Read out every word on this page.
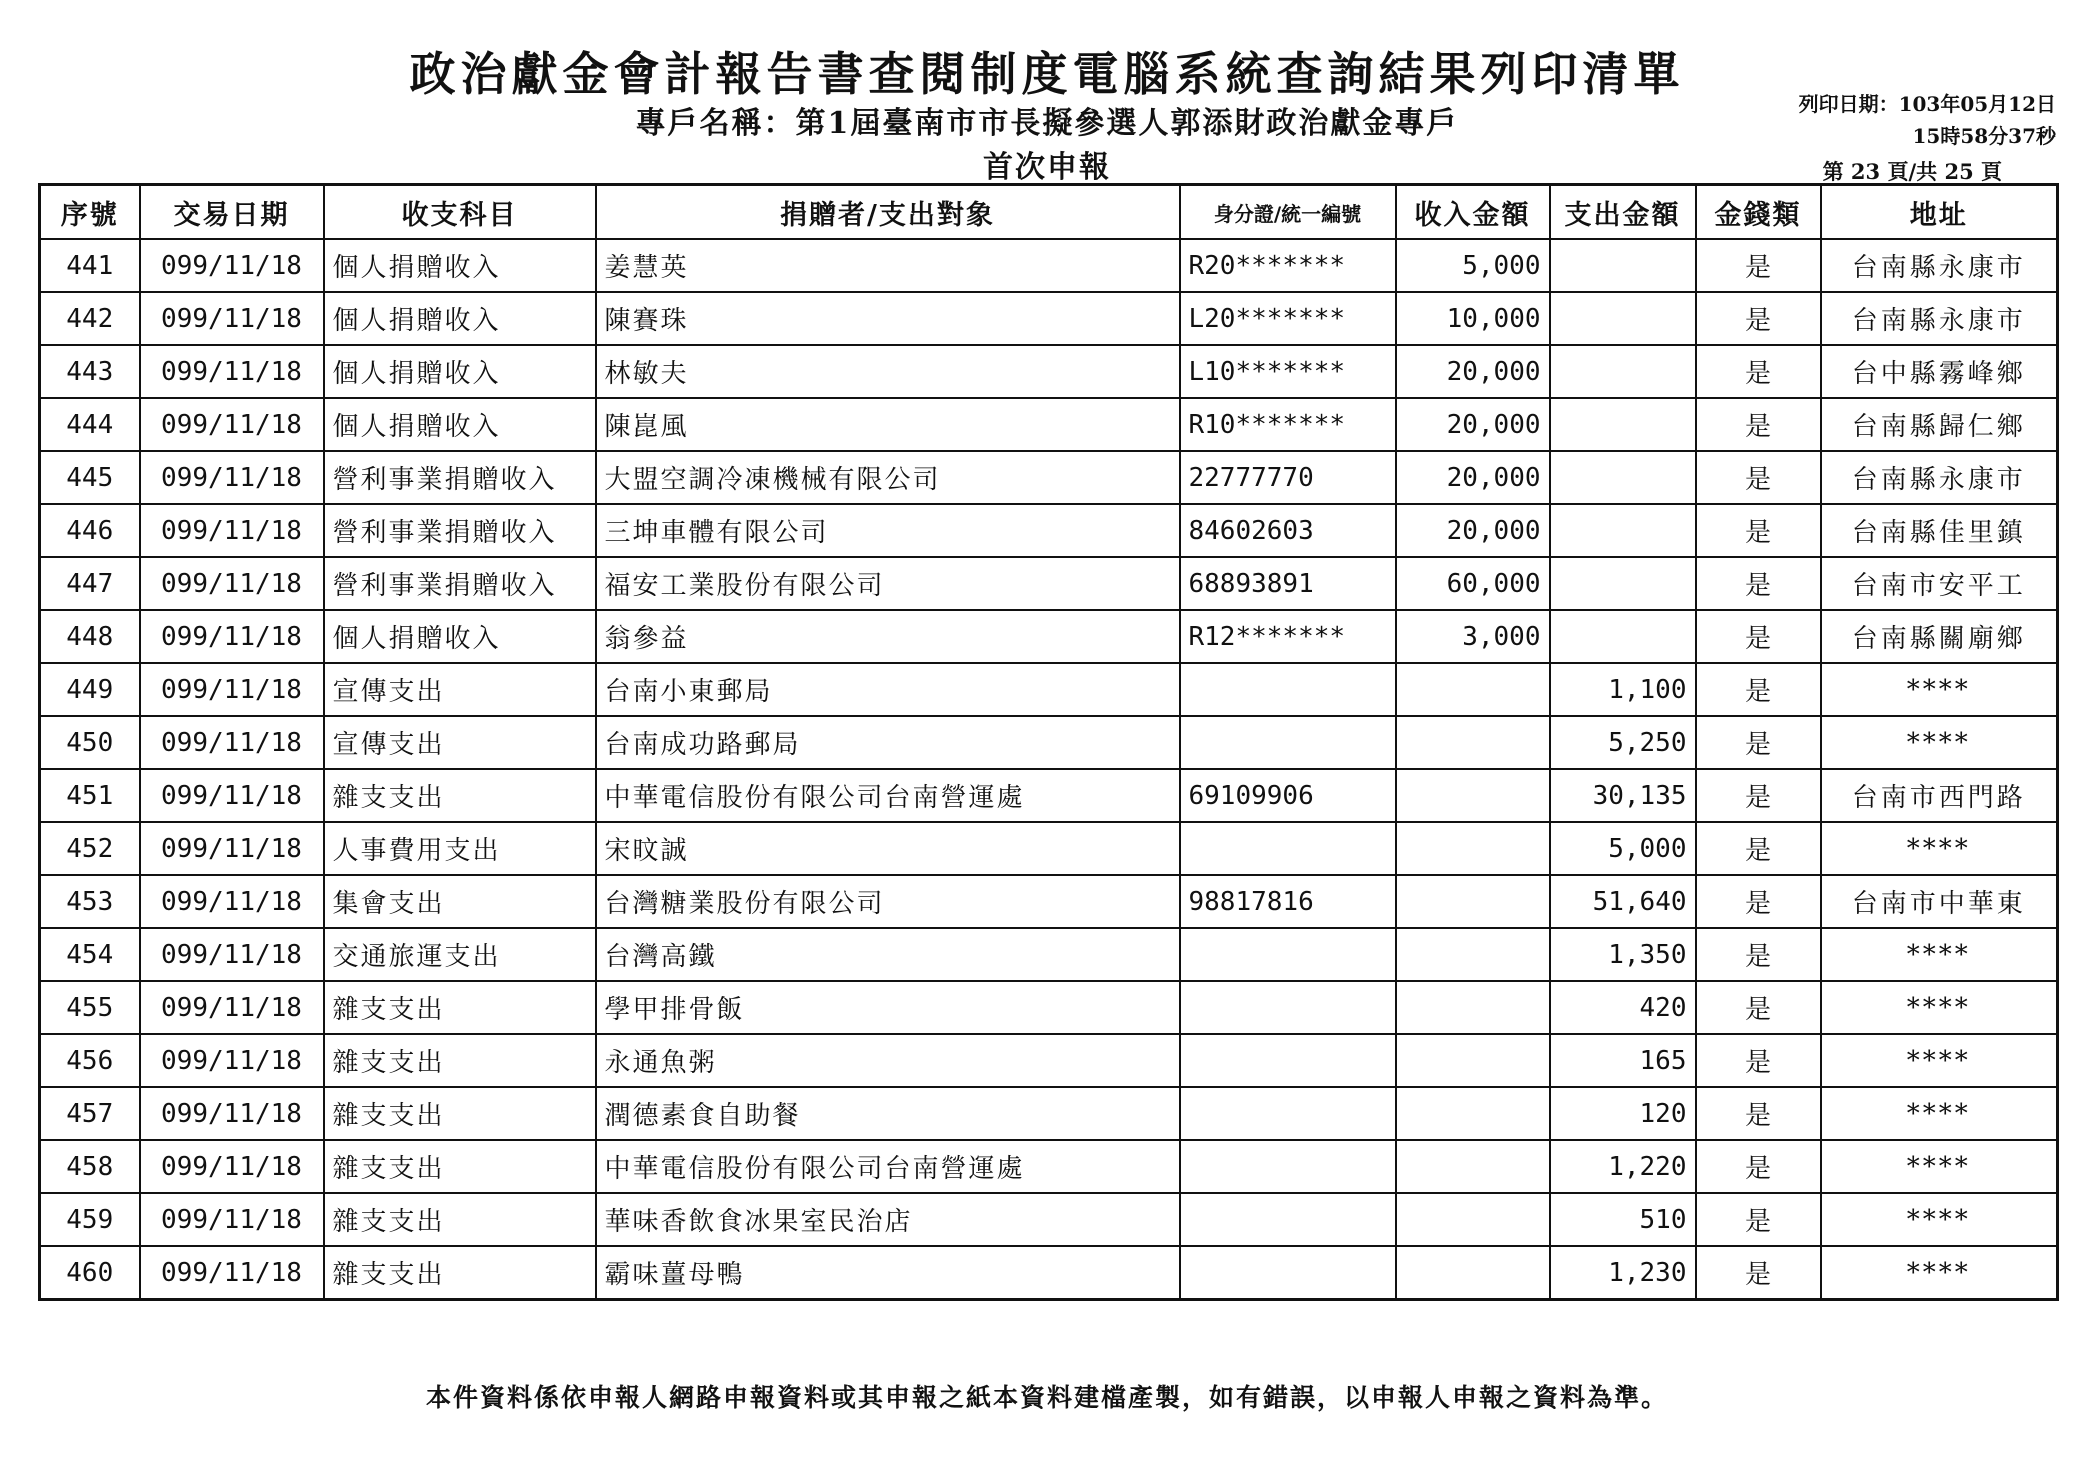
政治獻金會計報告書查閱制度電腦系統查詢結果列印清單
專戶名稱：第1屆臺南市市長擬參選人郭添財政治獻金專戶
首次申報
列印日期：103年05月12日
15時58分37秒
第 23 頁/共 25 頁
序號	交易日期	收支科目	捐贈者/支出對象	身分證/統一編號	收入金額	支出金額	金錢類	地址
441	099/11/18	個人捐贈收入	姜慧英	R20*******	5,000		是	台南縣永康市
442	099/11/18	個人捐贈收入	陳賽珠	L20*******	10,000		是	台南縣永康市
443	099/11/18	個人捐贈收入	林敏夫	L10*******	20,000		是	台中縣霧峰鄉
444	099/11/18	個人捐贈收入	陳崑風	R10*******	20,000		是	台南縣歸仁鄉
445	099/11/18	營利事業捐贈收入	大盟空調冷凍機械有限公司	22777770	20,000		是	台南縣永康市
446	099/11/18	營利事業捐贈收入	三坤車體有限公司	84602603	20,000		是	台南縣佳里鎮
447	099/11/18	營利事業捐贈收入	福安工業股份有限公司	68893891	60,000		是	台南市安平工
448	099/11/18	個人捐贈收入	翁參益	R12*******	3,000		是	台南縣關廟鄉
449	099/11/18	宣傳支出	台南小東郵局			1,100	是	****
450	099/11/18	宣傳支出	台南成功路郵局			5,250	是	****
451	099/11/18	雜支支出	中華電信股份有限公司台南營運處	69109906		30,135	是	台南市西門路
452	099/11/18	人事費用支出	宋旼誠			5,000	是	****
453	099/11/18	集會支出	台灣糖業股份有限公司	98817816		51,640	是	台南市中華東
454	099/11/18	交通旅運支出	台灣高鐵			1,350	是	****
455	099/11/18	雜支支出	學甲排骨飯			420	是	****
456	099/11/18	雜支支出	永通魚粥			165	是	****
457	099/11/18	雜支支出	潤德素食自助餐			120	是	****
458	099/11/18	雜支支出	中華電信股份有限公司台南營運處			1,220	是	****
459	099/11/18	雜支支出	華味香飲食冰果室民治店			510	是	****
460	099/11/18	雜支支出	霸味薑母鴨			1,230	是	****
本件資料係依申報人網路申報資料或其申報之紙本資料建檔產製，如有錯誤，以申報人申報之資料為準。
